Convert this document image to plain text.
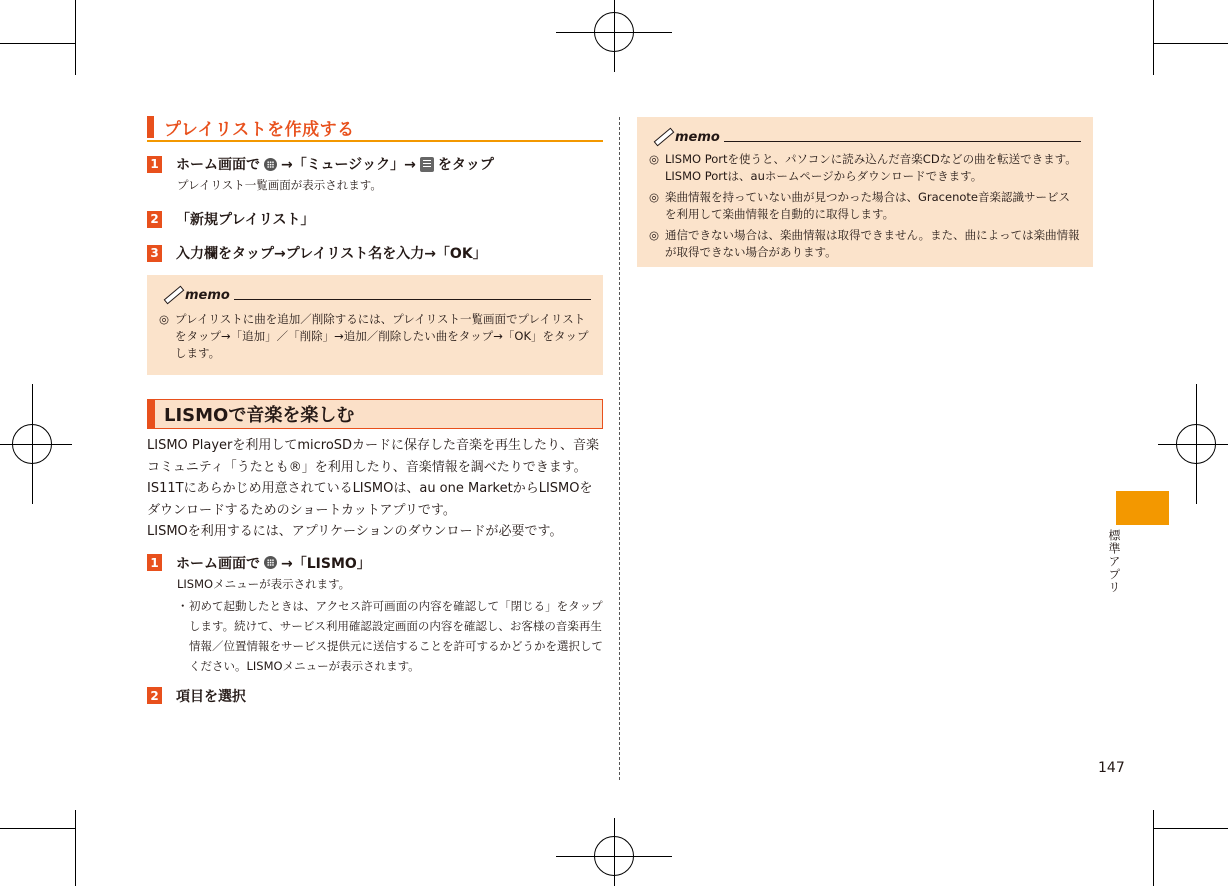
プレイリストを作成する
1 ホーム画面で →「ミュージック」→ をタップ
プレイリスト一覧画面が表示されます。
2 「新規プレイリスト」
3 入力欄をタップ→プレイリスト名を入力→「OK」
memo
◎ プレイリストに曲を追加／削除するには、プレイリスト一覧画面でプレイリストをタップ→「追加」／「削除」→追加／削除したい曲をタップ→「OK」をタップします。
LISMOで音楽を楽しむ

LISMO Playerを利用してmicroSDカードに保存した音楽を再生したり、音楽コミュニティ「うたとも®」を利用したり、音楽情報を調べたりできます。

IS11Tにあらかじめ用意されているLISMOは、au one MarketからLISMOをダウンロードするためのショートカットアプリです。

LISMOを利用するには、アプリケーションのダウンロードが必要です。

1 ホーム画面で →「LISMO」
LISMOメニューが表示されます。
・ 初めて起動したときは、アクセス許可画面の内容を確認して「閉じる」をタップします。続けて、サービス利用確認設定画面の内容を確認し、お客様の音楽再生情報／位置情報をサービス提供元に送信することを許可するかどうかを選択してください。LISMOメニューが表示されます。
2 項目を選択
memo
◎ LISMO Portを使うと、パソコンに読み込んだ音楽CDなどの曲を転送できます。LISMO Portは、auホームページからダウンロードできます。
◎ 楽曲情報を持っていない曲が見つかった場合は、Gracenote音楽認識サービスを利用して楽曲情報を自動的に取得します。
◎ 通信できない場合は、楽曲情報は取得できません。また、曲によっては楽曲情報が取得できない場合があります。
標準アプリ
147
